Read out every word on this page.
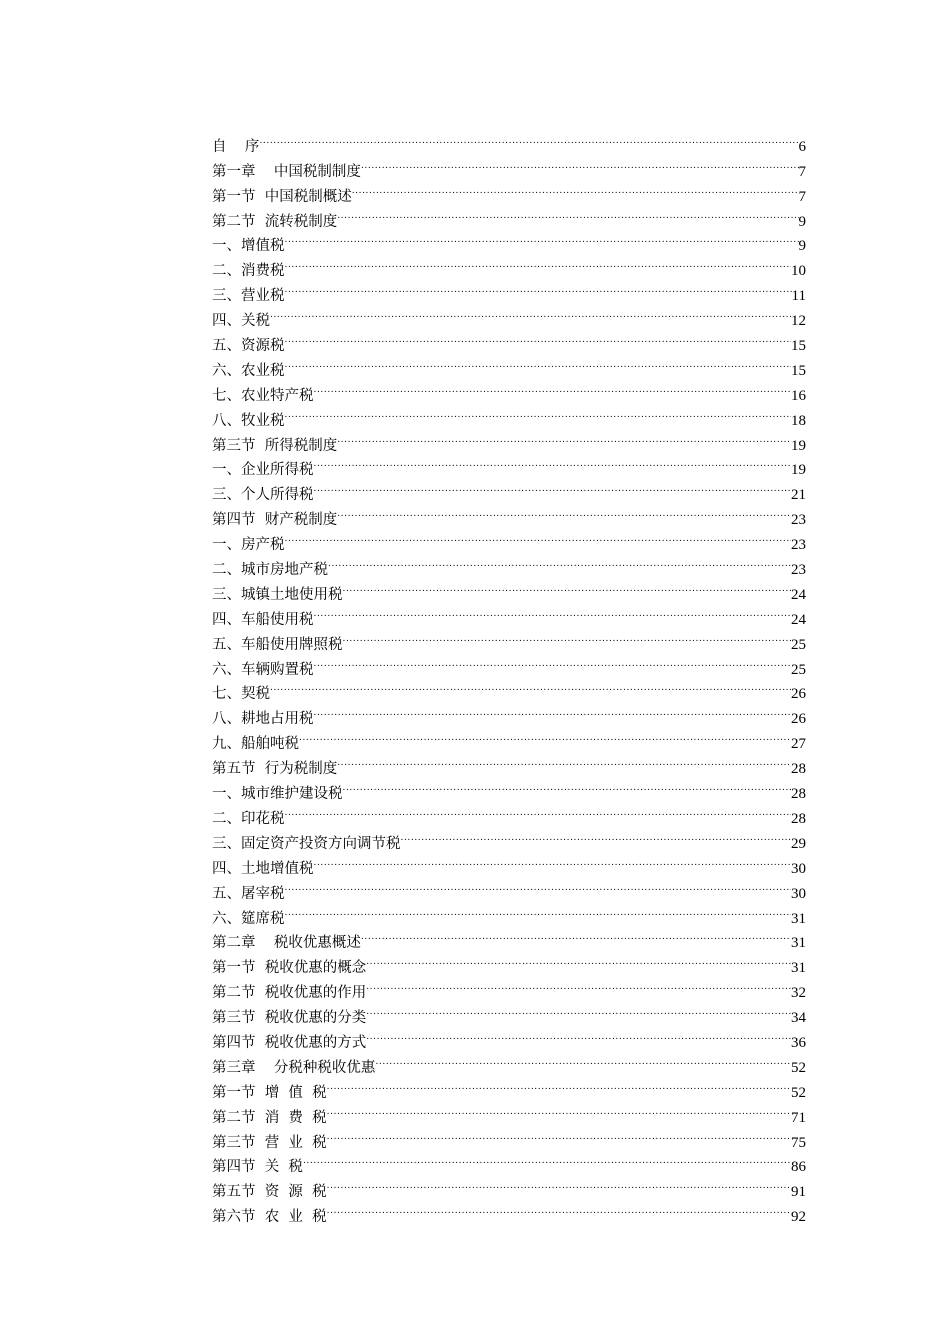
自    序 .....	6
第一章    中国税制制度 .....	7
第一节  中国税制概述 .....	7
第二节  流转税制度 .....	9
一、增值税 .....	9
二、消费税 .....	10
三、营业税 .....	11
四、关税 .....	12
五、资源税 .....	15
六、农业税 .....	15
七、农业特产税 .....	16
八、牧业税 .....	18
第三节  所得税制度 .....	19
一、企业所得税 .....	19
三、个人所得税 .....	21
第四节  财产税制度 .....	23
一、房产税 .....	23
二、城市房地产税 .....	23
三、城镇土地使用税 .....	24
四、车船使用税 .....	24
五、车船使用牌照税 .....	25
六、车辆购置税 .....	25
七、契税 .....	26
八、耕地占用税 .....	26
九、船舶吨税 .....	27
第五节  行为税制度 .....	28
一、城市维护建设税 .....	28
二、印花税 .....	28
三、固定资产投资方向调节税 .....	29
四、土地增值税 .....	30
五、屠宰税 .....	30
六、筵席税 .....	31
第二章    税收优惠概述 .....	31
第一节  税收优惠的概念 .....	31
第二节  税收优惠的作用 .....	32
第三节  税收优惠的分类 .....	34
第四节  税收优惠的方式 .....	36
第三章    分税种税收优惠 .....	52
第一节  增  值  税 .....	52
第二节  消  费  税 .....	71
第三节  营  业  税 .....	75
第四节  关  税 .....	86
第五节  资  源  税 .....	91
第六节  农  业  税 .....	92
